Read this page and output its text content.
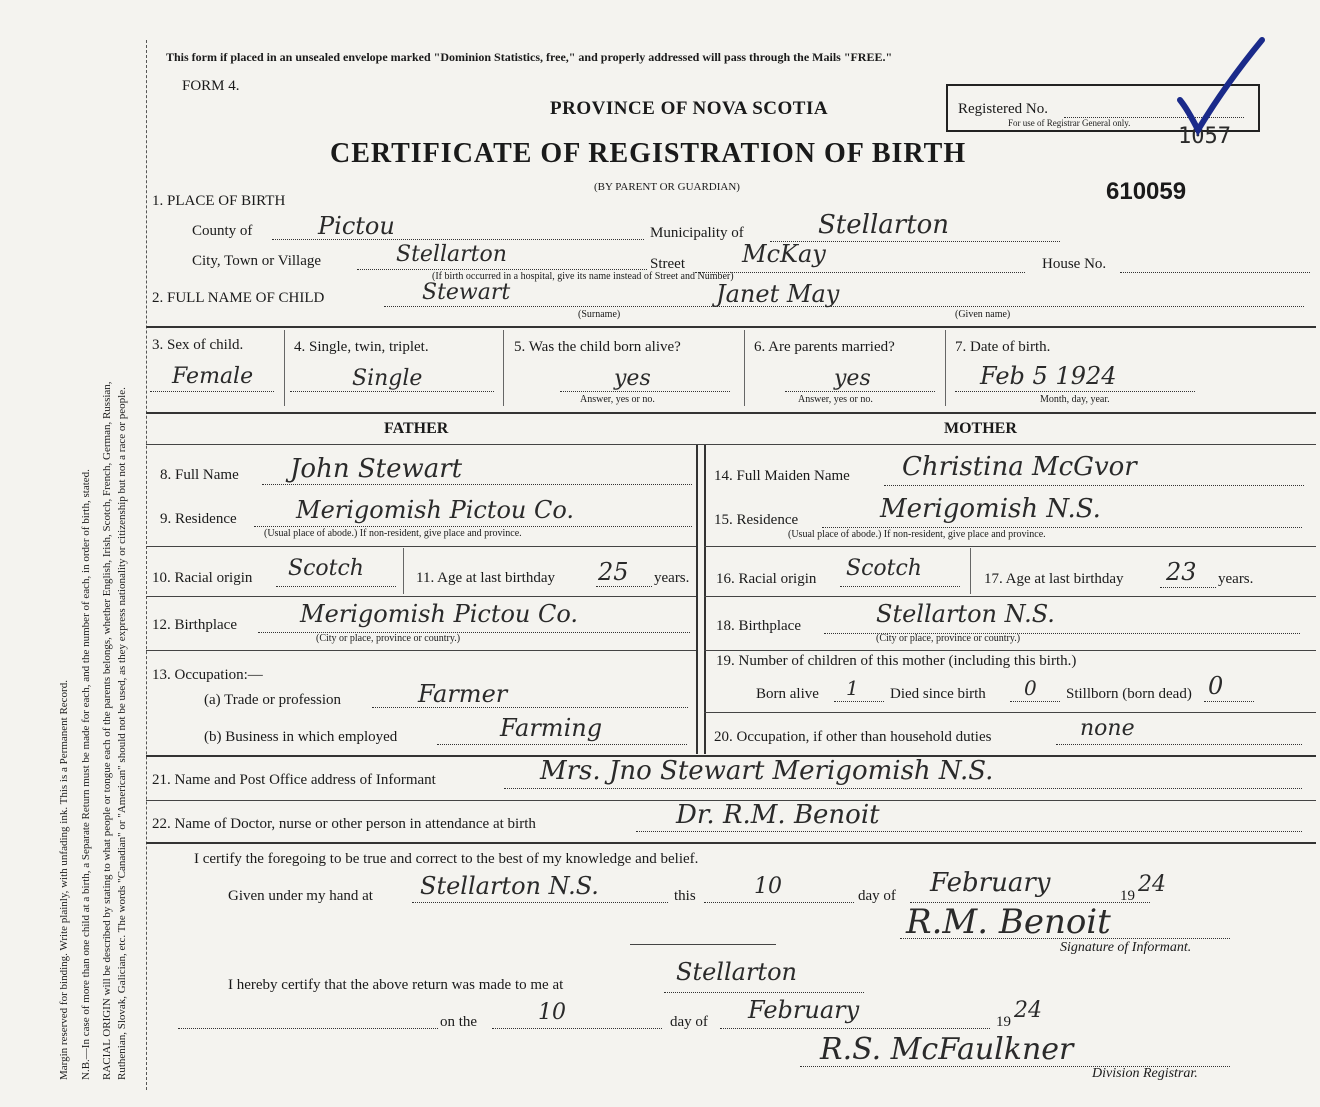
Margin reserved for binding. Write plainly, with unfading ink. This is a Permanent Record. N.B.—In case of more than one child at a birth, a Separate Return must be made for each, and the number of each, in order of birth, stated. RACIAL ORIGIN will be described by stating to what people or tongue each of the parents belongs, whether English, Irish, Scotch, French, German, Russian, Ruthenian, Slovak, Galician, etc. The words "Canadian" or "American" should not be used, as they express nationality or citizenship but not a race or people.
This form if placed in an unsealed envelope marked "Dominion Statistics, free," and properly addressed will pass through the Mails "FREE."
FORM 4.
PROVINCE OF NOVA SCOTIA
CERTIFICATE OF REGISTRATION OF BIRTH
(BY PARENT OR GUARDIAN)
Registered No.
For use of Registrar General only.
1057
610059
1. PLACE OF BIRTH
County of	Pictou	Municipality of	Stellarton
City, Town or Village	Stellarton	Street McKay	House No.
(If birth occurred in a hospital, give its name instead of Street and Number)
2. FULL NAME OF CHILD	Stewart	Janet May
(Surname)	(Given name)
3. Sex of child.
Female
4. Single, twin, triplet.
Single
5. Was the child born alive?
yes
Answer, yes or no.
6. Are parents married?
yes
Answer, yes or no.
7. Date of birth.
Feb 5 1924
Month, day, year.
FATHER	MOTHER
8. Full Name John Stewart
9. Residence Merigomish Pictou Co.
(Usual place of abode.) If non-resident, give place and province.
10. Racial origin Scotch	11. Age at last birthday 25 years.
12. Birthplace	Merigomish Pictou Co.
(City or place, province or country.)
13. Occupation:—
(a) Trade or profession	Farmer
(b) Business in which employed	Farming
14. Full Maiden Name Christina McGvor
15. Residence	Merigomish N.S.
(Usual place of abode.) If non-resident, give place and province.
16. Racial origin Scotch	17. Age at last birthday 23 years.
18. Birthplace	Stellarton N.S.
(City or place, province or country.)
19. Number of children of this mother (including this birth.)
Born alive 1 Died since birth 0 Stillborn (born dead) 0
20. Occupation, if other than household duties	none
21. Name and Post Office address of Informant	Mrs. Jno Stewart Merigomish N.S.
22. Name of Doctor, nurse or other person in attendance at birth	Dr. R.M. Benoit
I certify the foregoing to be true and correct to the best of my knowledge and belief.
Given under my hand at Stellarton N.S.	this	10	day of February	19 24
R.M. Benoit
Signature of Informant.
I hereby certify that the above return was made to me at	Stellarton
on the	10	day of February	19 24
R.S. McFaulkner
Division Registrar.
